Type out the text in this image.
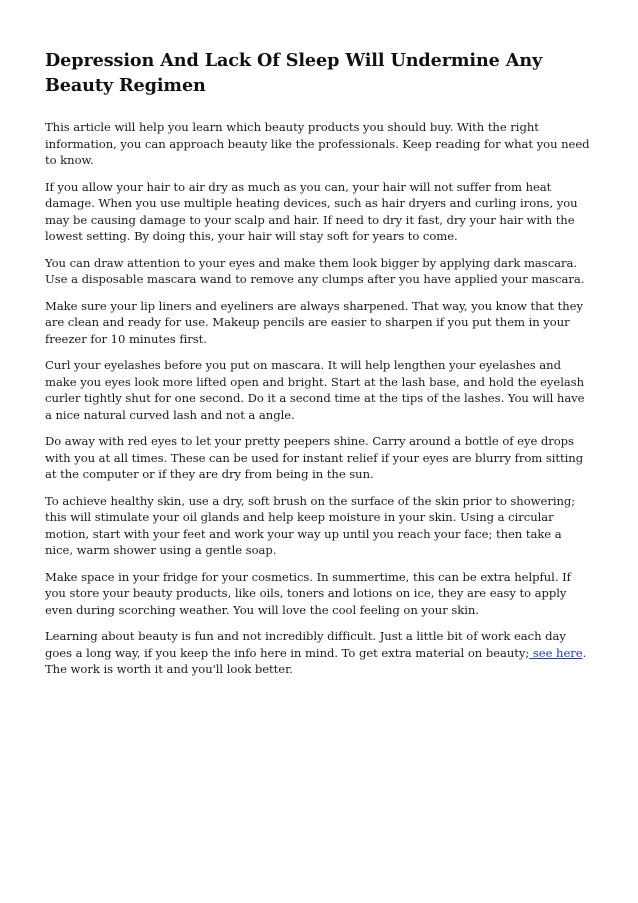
Depression And Lack Of Sleep Will Undermine Any Beauty Regimen

This article will help you learn which beauty products you should buy. With the right information, you can approach beauty like the professionals. Keep reading for what you need to know.

If you allow your hair to air dry as much as you can, your hair will not suffer from heat damage. When you use multiple heating devices, such as hair dryers and curling irons, you may be causing damage to your scalp and hair. If need to dry it fast, dry your hair with the lowest setting. By doing this, your hair will stay soft for years to come.

You can draw attention to your eyes and make them look bigger by applying dark mascara. Use a disposable mascara wand to remove any clumps after you have applied your mascara.

Make sure your lip liners and eyeliners are always sharpened. That way, you know that they are clean and ready for use. Makeup pencils are easier to sharpen if you put them in your freezer for 10 minutes first.

Curl your eyelashes before you put on mascara. It will help lengthen your eyelashes and make you eyes look more lifted open and bright. Start at the lash base, and hold the eyelash curler tightly shut for one second. Do it a second time at the tips of the lashes. You will have a nice natural curved lash and not a angle.

Do away with red eyes to let your pretty peepers shine. Carry around a bottle of eye drops with you at all times. These can be used for instant relief if your eyes are blurry from sitting at the computer or if they are dry from being in the sun.

To achieve healthy skin, use a dry, soft brush on the surface of the skin prior to showering; this will stimulate your oil glands and help keep moisture in your skin. Using a circular motion, start with your feet and work your way up until you reach your face; then take a nice, warm shower using a gentle soap.

Make space in your fridge for your cosmetics. In summertime, this can be extra helpful. If you store your beauty products, like oils, toners and lotions on ice, they are easy to apply even during scorching weather. You will love the cool feeling on your skin.

Learning about beauty is fun and not incredibly difficult. Just a little bit of work each day goes a long way, if you keep the info here in mind. To get extra material on beauty; see here. The work is worth it and you'll look better.
